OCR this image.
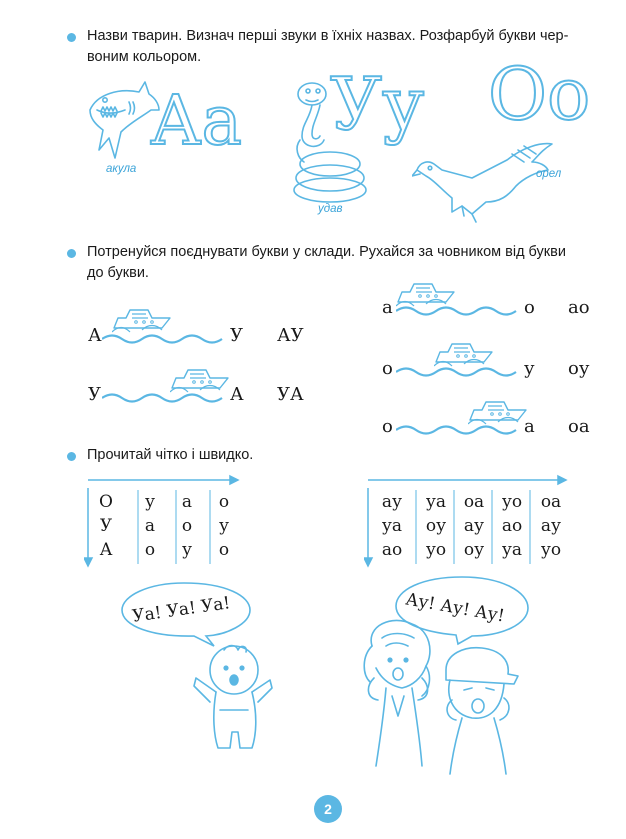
Назви тварин. Визнач перші звуки в їхніх назвах. Розфарбуй букви чер-
воним кольором.
Аа
акула
Уу
удав
Оо
орел
Потренуйся поєднувати букви у склади. Рухайся за човником від букви
до букви.
А	У АУ
У	А УА
а	о ао
о	у оу
о	а оа
Прочитай чітко і швидко.
О у а о
У а о у
А о у о
ау	уа	оа	уо	оа
уа	оу	ау	ао	ау
ао	уо	оу	уа	уо
Уа! Уа! Уа!	Ау! Ау! Ау!
2
